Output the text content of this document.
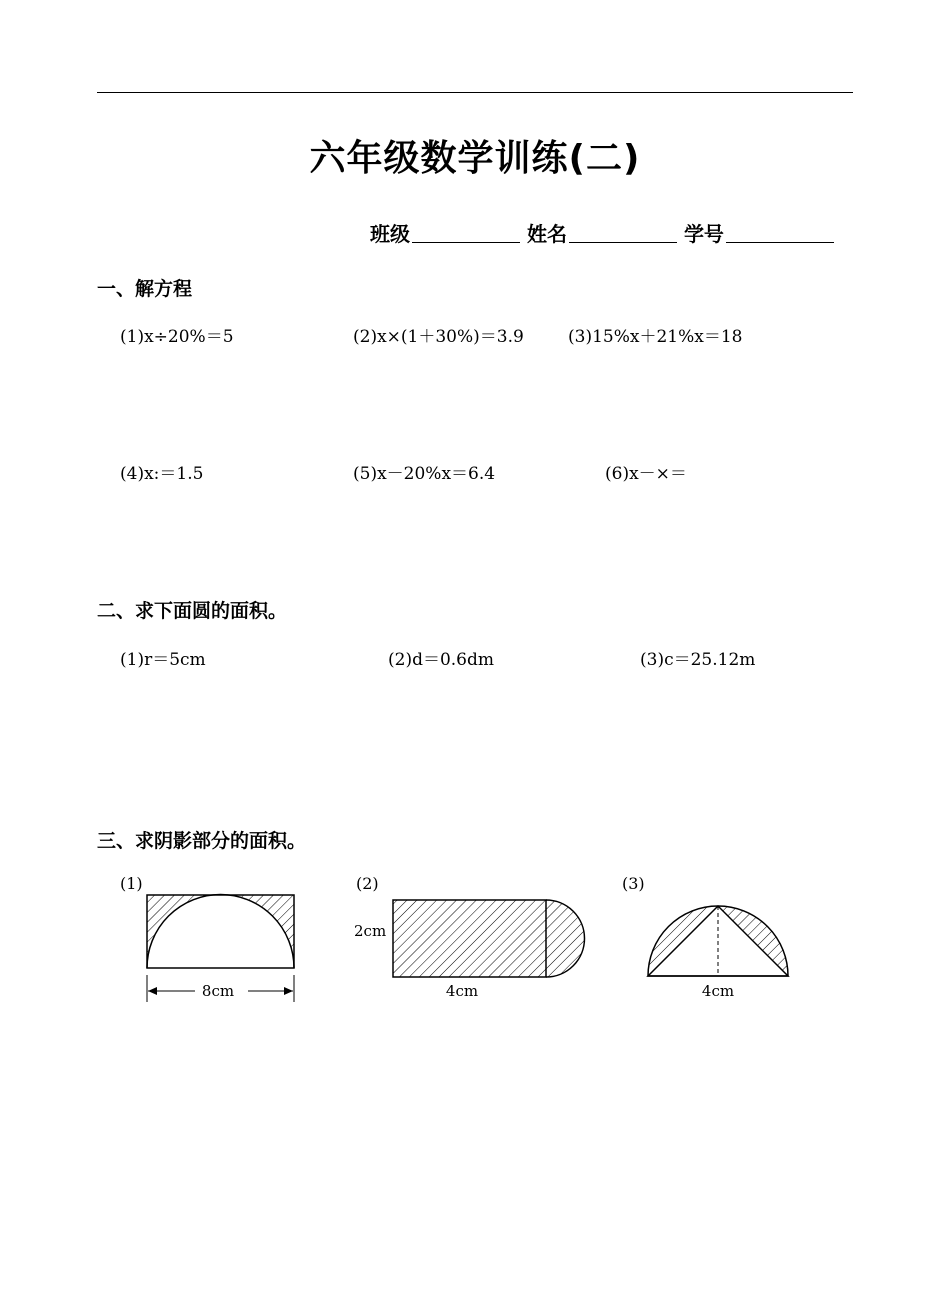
六年级数学训练(二)
班级	姓名	学号
一、解方程
(1)x÷20%＝5	(2)x×(1＋30%)＝3.9	(3)15%x＋21%x＝18
(4)x:＝1.5	(5)x－20%x＝6.4	(6)x－×＝
二、求下面圆的面积。
(1)r＝5cm	(2)d＝0.6dm	(3)c＝25.12m
三、求阴影部分的面积。
(1)	(2)	(3)
8cm
2cm
4cm	4cm
